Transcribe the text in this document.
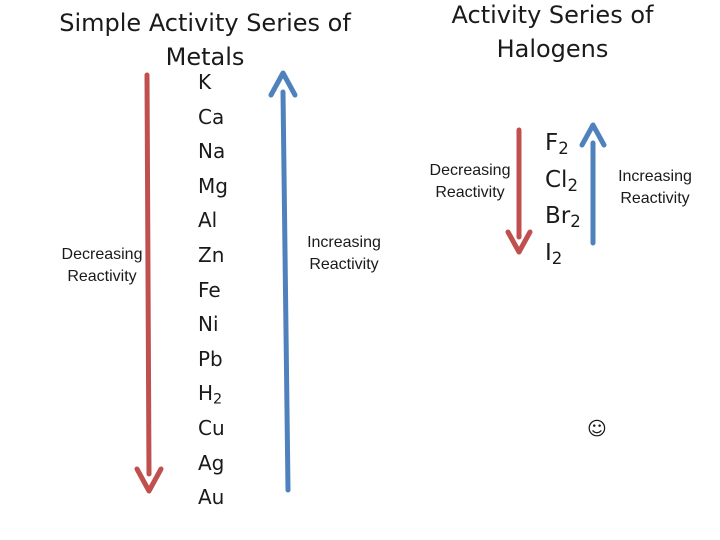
Simple Activity Series of Metals
Activity Series of Halogens
K
Ca
Na
Mg
Al
Zn
Fe
Ni
Pb
$H_2$
Cu
Ag
Au
$F_2$
$Cl_2$
$Br_2$
$I_2$
Decreasing
Reactivity
Increasing
Reactivity
Decreasing
Reactivity
Increasing
Reactivity
☺
